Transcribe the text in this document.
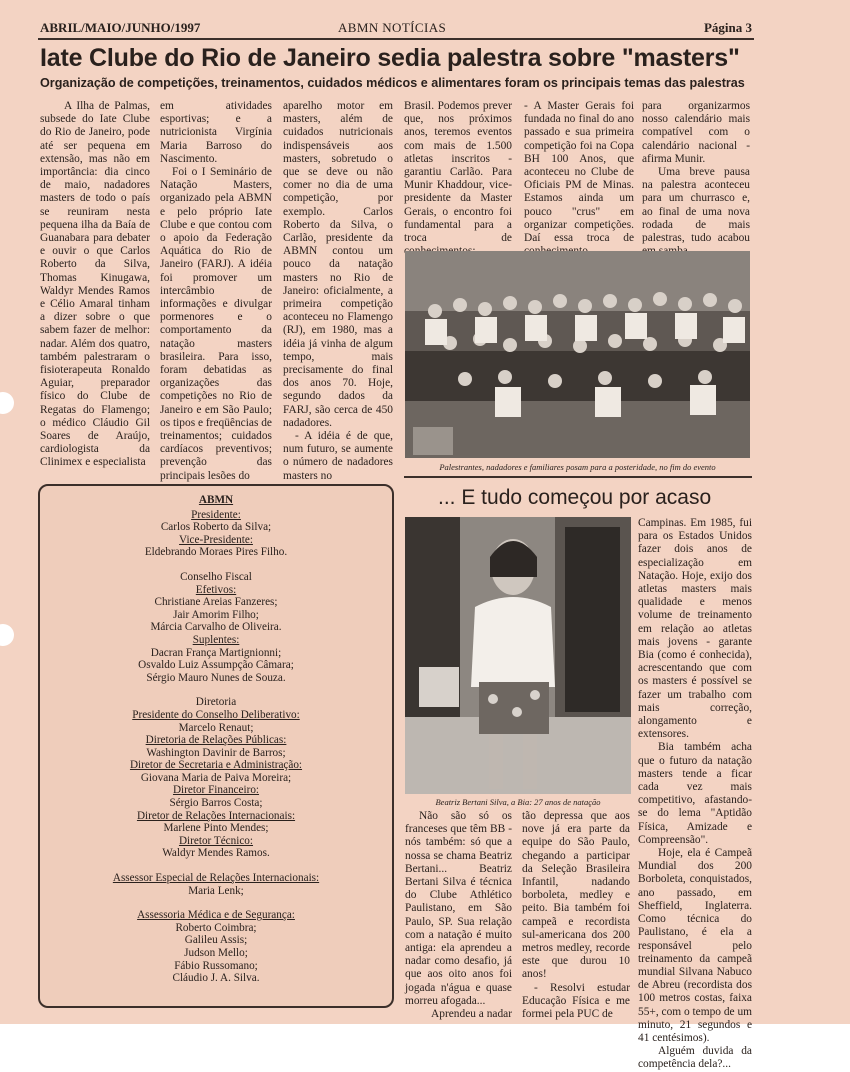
ABRIL/MAIO/JUNHO/1997	ABMN NOTÍCIAS	Página 3
Iate Clube do Rio de Janeiro sedia palestra sobre "masters"
Organização de competições, treinamentos, cuidados médicos e alimentares foram os principais temas das palestras

A Ilha de Palmas, subsede do Iate Clube do Rio de Janeiro, pode até ser pequena em extensão, mas não em importância: dia cinco de maio, nadadores masters de todo o país se reuniram nesta pequena ilha da Baía de Guanabara para debater e ouvir o que Carlos Roberto da Silva, Thomas Kinugawa, Waldyr Mendes Ramos e Célio Amaral tinham a dizer sobre o que sabem fazer de melhor: nadar. Além dos quatro, também palestraram o fisioterapeuta Ronaldo Aguiar, preparador físico do Clube de Regatas do Flamengo; o médico Cláudio Gil Soares de Araújo, cardiologista da Clinimex e especialista

em atividades esportivas; e a nutricionista Virgínia Maria Barroso do Nascimento.

Foi o I Seminário de Natação Masters, organizado pela ABMN e pelo próprio Iate Clube e que contou com o apoio da Federação Aquática do Rio de Janeiro (FARJ). A idéia foi promover um intercâmbio de informações e divulgar pormenores e o comportamento da natação masters brasileira. Para isso, foram debatidas as organizações das competições no Rio de Janeiro e em São Paulo; os tipos e freqüências de treinamentos; cuidados cardíacos preventivos; prevenção das principais lesões do

aparelho motor em masters, além de cuidados nutricionais indispensáveis aos masters, sobretudo o que se deve ou não comer no dia de uma competição, por exemplo. Carlos Roberto da Silva, o Carlão, presidente da ABMN contou um pouco da natação masters no Rio de Janeiro: oficialmente, a primeira competição aconteceu no Flamengo (RJ), em 1980, mas a idéia já vinha de algum tempo, mais precisamente do final dos anos 70. Hoje, segundo dados da FARJ, são cerca de 450 nadadores.

- A idéia é de que, num futuro, se aumente o número de nadadores masters no

Brasil. Podemos prever que, nos próximos anos, teremos eventos com mais de 1.500 atletas inscritos - garantiu Carlão. Para Munir Khaddour, vice-presidente da Master Gerais, o encontro foi fundamental para a troca de

- A Master Gerais foi fundada no final do ano passado e sua primeira competição foi na Copa BH 100 Anos, que aconteceu no Clube de Oficiais PM de Minas. Estamos ainda um pouco "crus" em organizar competições. Daí essa troca de

para organizarmos nosso calendário mais compatível com o calendário nacional - afirma Munir.

Uma breve pausa na palestra aconteceu para um churrasco e, ao final de uma nova rodada de mais palestras, tudo acabou

Palestrantes, nadadores e familiares posam para a posteridade, no fim do evento
ABMN
Presidente:
Carlos Roberto da Silva;
Vice-Presidente:
Eldebrando Moraes Pires Filho.
Conselho Fiscal
Efetivos:
Christiane Areias Fanzeres;
Jair Amorim Filho;
Márcia Carvalho de Oliveira.
Suplentes:
Dacran França Martignionni;
Osvaldo Luiz Assumpção Câmara;
Sérgio Mauro Nunes de Souza.
Diretoria
Presidente do Conselho Deliberativo:
Marcelo Renaut;
Diretoria de Relações Públicas:
Washington Davinir de Barros;
Diretor de Secretaria e Administração:
Giovana Maria de Paiva Moreira;
Diretor Financeiro:
Sérgio Barros Costa;
Diretor de Relações Internacionais:
Marlene Pinto Mendes;
Diretor Técnico:
Waldyr Mendes Ramos.
Assessor Especial de Relações Internacionais:
Maria Lenk;
Assessoria Médica e de Segurança:
Roberto Coimbra;
Galileu Assis;
Judson Mello;
Fábio Russomano;
Cláudio J. A. Silva.
... E tudo começou por acaso
Beatriz Bertani Silva, a Bia: 27 anos de natação

Não são só os franceses que têm BB - nós também: só que a nossa se chama Beatriz Bertani... Beatriz Bertani Silva é técnica do Clube Athlético Paulistano, em São Paulo, SP. Sua relação com a natação é muito antiga: ela aprendeu a nadar como desafio, já que aos oito anos foi jogada n'água e quase morreu afogada...

Aprendeu a nadar

tão depressa que aos nove já era parte da equipe do São Paulo, chegando a participar da Seleção Brasileira Infantil, nadando borboleta, medley e peito. Bia também foi campeã e recordista sul-americana dos 200 metros medley, recorde este que durou 10 anos!

- Resolvi estudar Educação Física e me formei pela PUC de

Campinas. Em 1985, fui para os Estados Unidos fazer dois anos de especialização em Natação. Hoje, exijo dos atletas masters mais qualidade e menos volume de treinamento em relação ao atletas mais jovens - garante Bia (como é conhecida), acrescentando que com os masters é possível se fazer um trabalho com mais correção, alongamento e extensores.

Bia também acha que o futuro da natação masters tende a ficar cada vez mais competitivo, afastando-se do lema "Aptidão Física, Amizade e Compreensão".

Hoje, ela é Campeã Mundial dos 200 Borboleta, conquistados, ano passado, em Sheffield, Inglaterra. Como técnica do Paulistano, é ela a responsável pelo treinamento da campeã mundial Silvana Nabuco de Abreu (recordista dos 100 metros costas, faixa 55+, com o tempo de um minuto, 21 segundos e 41 centésimos).

Alguém duvida da competência dela?...
